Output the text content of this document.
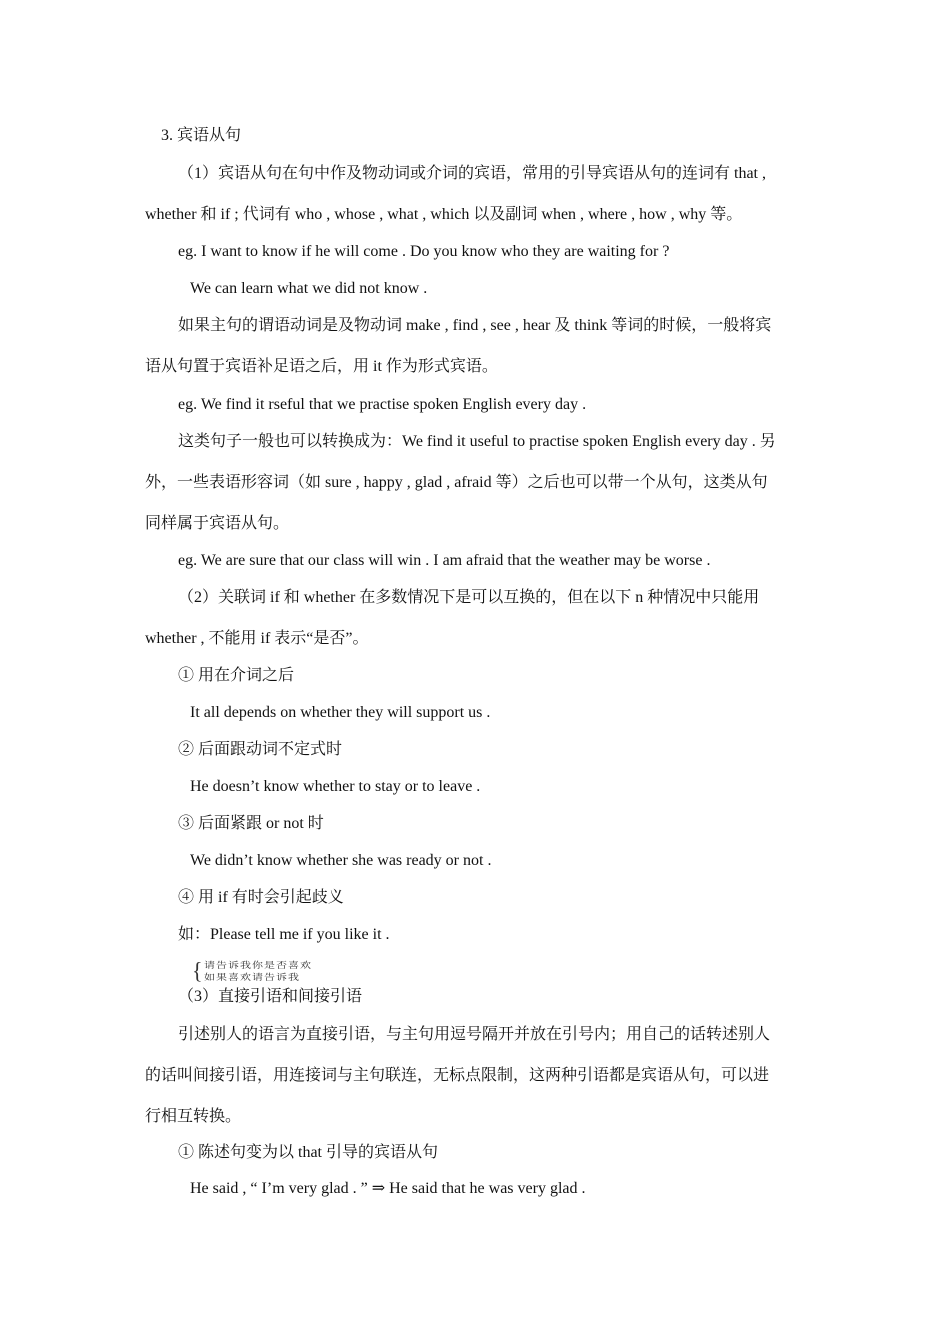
3. 宾语从句
（1）宾语从句在句中作及物动词或介词的宾语，常用的引导宾语从句的连词有 that ,
whether 和 if ; 代词有 who , whose , what , which 以及副词 when , where , how , why 等。
eg. I want to know if he will come . Do you know who they are waiting for ?
We can learn what we did not know .
如果主句的谓语动词是及物动词 make , find , see , hear 及 think 等词的时候，一般将宾
语从句置于宾语补足语之后，用 it 作为形式宾语。
eg. We find it rseful that we practise spoken English every day .
这类句子一般也可以转换成为：We find it useful to practise spoken English every day . 另
外，一些表语形容词（如 sure , happy , glad , afraid 等）之后也可以带一个从句，这类从句
同样属于宾语从句。
eg. We are sure that our class will win . I am afraid that the weather may be worse .
（2）关联词 if 和 whether 在多数情况下是可以互换的，但在以下 n 种情况中只能用
whether , 不能用 if 表示“是否”。
① 用在介词之后
It all depends on whether they will support us .
② 后面跟动词不定式时
He doesn’t know whether to stay or to leave .
③ 后面紧跟 or not 时
We didn’t know whether she was ready or not .
④ 用 if 有时会引起歧义
如：Please tell me if you like it .
{ 请告诉我你是否喜欢
如果喜欢请告诉我
（3）直接引语和间接引语
引述别人的语言为直接引语，与主句用逗号隔开并放在引号内；用自己的话转述别人
的话叫间接引语，用连接词与主句联连，无标点限制，这两种引语都是宾语从句，可以进
行相互转换。
① 陈述句变为以 that 引导的宾语从句
He said , “ I’m very glad . ” ⇒ He said that he was very glad .
